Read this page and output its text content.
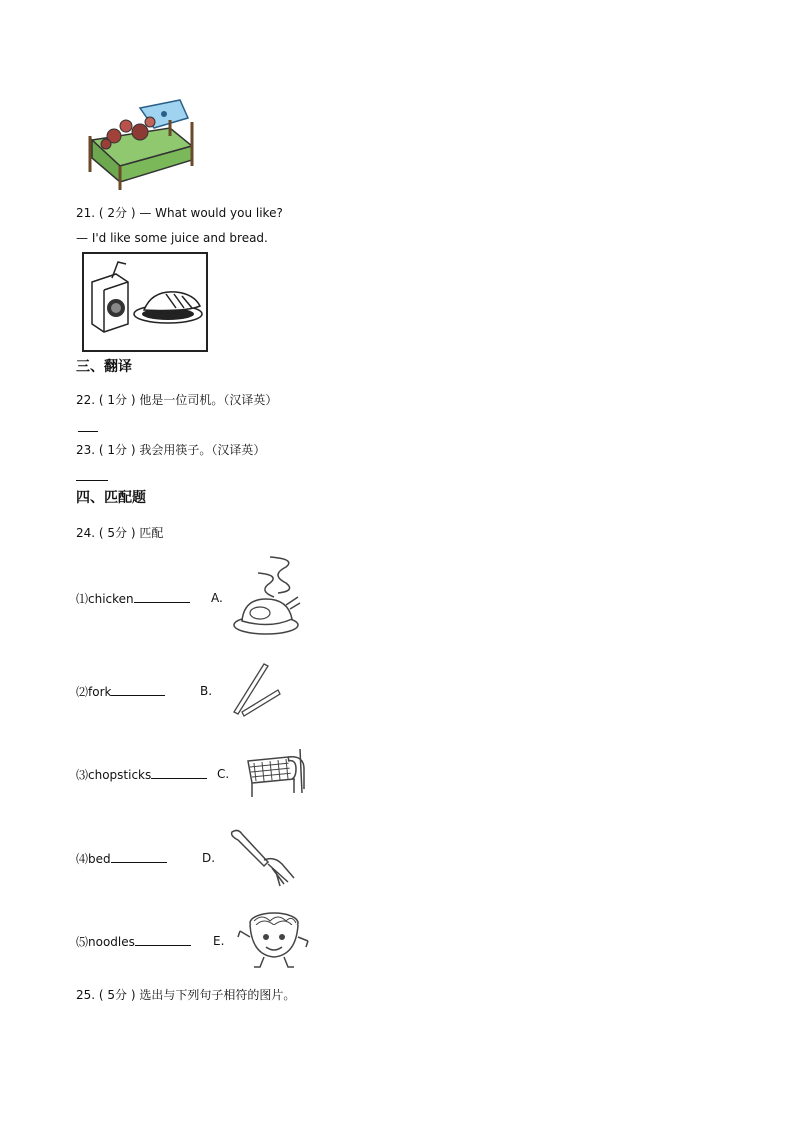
21. ( 2分 ) — What would you like?
— I'd like some juice and bread.
三、翻译
22. ( 1分 ) 他是一位司机。（汉译英）
23. ( 1分 ) 我会用筷子。（汉译英）
四、匹配题
24. ( 5分 ) 匹配
⑴chicken	A.
⑵fork	B.
⑶chopsticks	C.
⑷bed	D.
⑸noodles	E.
25. ( 5分 ) 选出与下列句子相符的图片。
